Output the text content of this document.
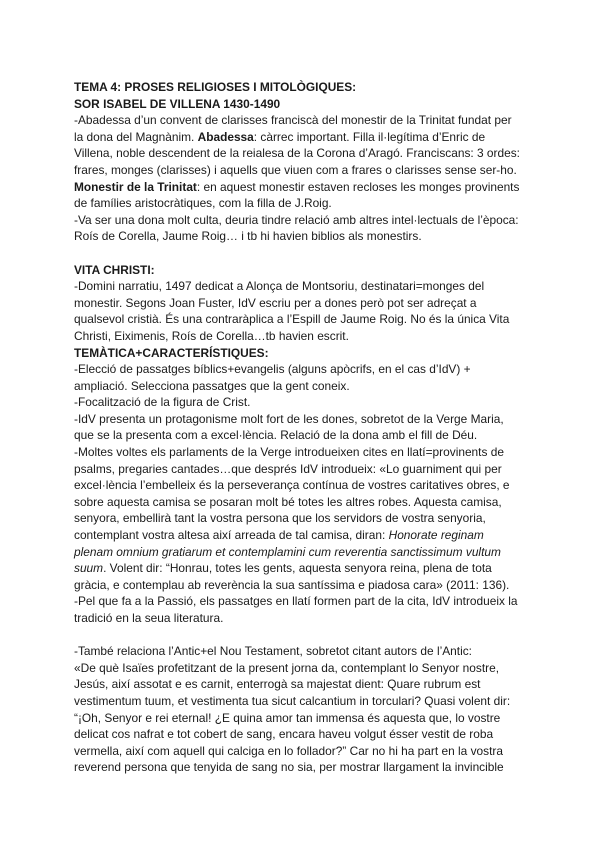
TEMA 4: PROSES RELIGIOSES I MITOLÒGIQUES:
SOR ISABEL DE VILLENA 1430-1490
-Abadessa d’un convent de clarisses franciscà del monestir de la Trinitat fundat per
la dona del Magnànim. Abadessa: càrrec important. Filla il·legítima d’Enric de
Villena, noble descendent de la reialesa de la Corona d’Aragó. Franciscans: 3 ordes:
frares, monges (clarisses) i aquells que viuen com a frares o clarisses sense ser-ho.
Monestir de la Trinitat: en aquest monestir estaven recloses les monges provinents
de famílies aristocràtiques, com la filla de J.Roig.
-Va ser una dona molt culta, deuria tindre relació amb altres intel·lectuals de l’època:
Roís de Corella, Jaume Roig… i tb hi havien biblios als monestirs.
VITA CHRISTI:
-Domini narratiu, 1497 dedicat a Alonça de Montsoriu, destinatari=monges del
monestir. Segons Joan Fuster, IdV escriu per a dones però pot ser adreçat a
qualsevol cristià. És una contraràplica a l’Espill de Jaume Roig. No és la única Vita
Christi, Eiximenis, Roís de Corella…tb havien escrit.
TEMÀTICA+CARACTERÍSTIQUES:
-Elecció de passatges bíblics+evangelis (alguns apòcrifs, en el cas d’IdV) +
ampliació. Selecciona passatges que la gent coneix.
-Focalització de la figura de Crist.
-IdV presenta un protagonisme molt fort de les dones, sobretot de la Verge Maria,
que se la presenta com a excel·lència. Relació de la dona amb el fill de Déu.
-Moltes voltes els parlaments de la Verge introdueixen cites en llatí=provinents de
psalms, pregaries cantades…que després IdV introdueix: «Lo guarniment qui per
excel·lència l’embelleix és la perseverança contínua de vostres caritatives obres, e
sobre aquesta camisa se posaran molt bé totes les altres robes. Aquesta camisa,
senyora, embellirà tant la vostra persona que los servidors de vostra senyoria,
contemplant vostra altesa així arreada de tal camisa, diran: Honorate reginam
plenam omnium gratiarum et contemplamini cum reverentia sanctissimum vultum
suum. Volent dir: “Honrau, totes les gents, aquesta senyora reina, plena de tota
gràcia, e contemplau ab reverència la sua santíssima e piadosa cara» (2011: 136).
-Pel que fa a la Passió, els passatges en llatí formen part de la cita, IdV introdueix la
tradició en la seua literatura.
-També relaciona l’Antic+el Nou Testament, sobretot citant autors de l’Antic:
«De què Isaïes profetitzant de la present jorna da, contemplant lo Senyor nostre,
Jesús, així assotat e es carnit, enterrogà sa majestat dient: Quare rubrum est
vestimentum tuum, et vestimenta tua sicut calcantium in torculari? Quasi volent dir:
“¡Oh, Senyor e rei eternal! ¿E quina amor tan immensa és aquesta que, lo vostre
delicat cos nafrat e tot cobert de sang, encara haveu volgut ésser vestit de roba
vermella, així com aquell qui calciga en lo follador?” Car no hi ha part en la vostra
reverend persona que tenyida de sang no sia, per mostrar llargament la invincible
